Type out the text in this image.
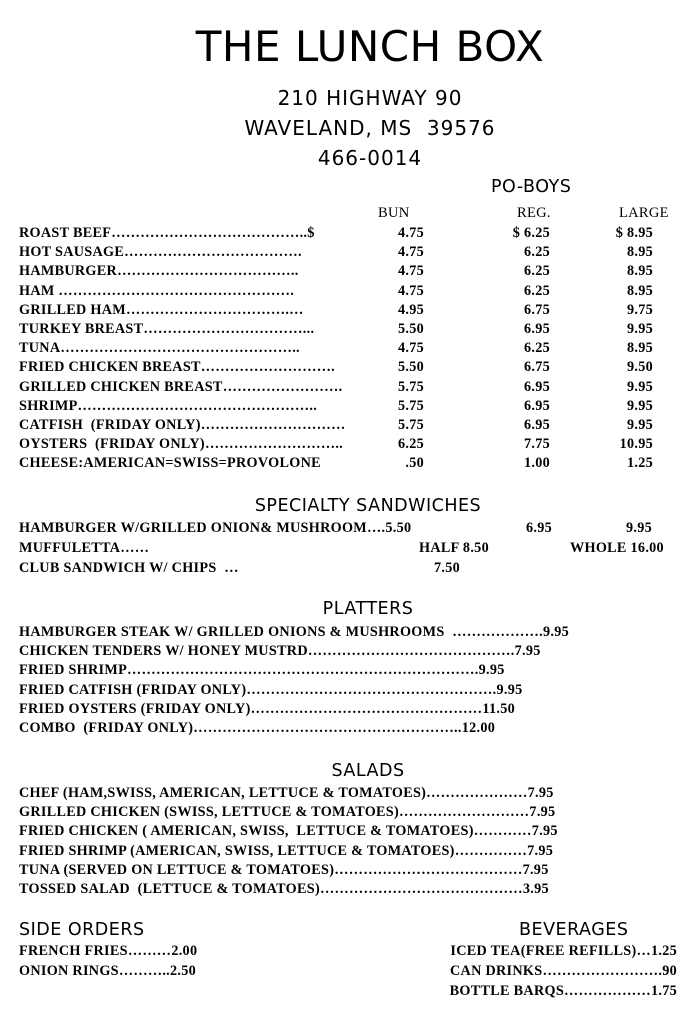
THE LUNCH BOX
210 HIGHWAY 90
WAVELAND, MS  39576
466-0014
PO-BOYS
BUN	REG.	LARGE
ROAST BEEF…………………………………..$	4.75	$ 6.25	$ 8.95
HOT SAUSAGE……………………………….	4.75	6.25	8.95
HAMBURGER………………………………..	4.75	6.25	8.95
HAM ………………………………………….	4.75	6.25	8.95
GRILLED HAM…………………………….…	4.95	6.75	9.75
TURKEY BREAST……………………………...	5.50	6.95	9.95
TUNA…………………………………………..	4.75	6.25	8.95
FRIED CHICKEN BREAST……………………….	5.50	6.75	9.50
GRILLED CHICKEN BREAST…………………….	5.75	6.95	9.95
SHRIMP…………………………………………..	5.75	6.95	9.95
CATFISH  (FRIDAY ONLY)…………………………	5.75	6.95	9.95
OYSTERS  (FRIDAY ONLY)………………………..	6.25	7.75	10.95
CHEESE:AMERICAN=SWISS=PROVOLONE	.50	1.00	1.25
SPECIALTY SANDWICHES
HAMBURGER W/GRILLED ONION& MUSHROOM….5.50	6.95	9.95
MUFFULETTA……	HALF 8.50	WHOLE 16.00
CLUB SANDWICH W/ CHIPS  …	7.50
PLATTERS
HAMBURGER STEAK W/ GRILLED ONIONS & MUSHROOMS  ……………….9.95
CHICKEN TENDERS W/ HONEY MUSTRD…………………………………….7.95
FRIED SHRIMP……………………………………………………………….9.95
FRIED CATFISH (FRIDAY ONLY)…………………………………………….9.95
FRIED OYSTERS (FRIDAY ONLY)…………………………………………11.50
COMBO  (FRIDAY ONLY)………………………………………………..12.00
SALADS
CHEF (HAM,SWISS, AMERICAN, LETTUCE & TOMATOES)…………………7.95
GRILLED CHICKEN (SWISS, LETTUCE & TOMATOES)………………………7.95
FRIED CHICKEN ( AMERICAN, SWISS,  LETTUCE & TOMATOES)…………7.95
FRIED SHRIMP (AMERICAN, SWISS, LETTUCE & TOMATOES)……………7.95
TUNA (SERVED ON LETTUCE & TOMATOES)…………………………………7.95
TOSSED SALAD  (LETTUCE & TOMATOES)……………………………………3.95
SIDE ORDERS
FRENCH FRIES………2.00
ONION RINGS………..2.50
BEVERAGES
ICED TEA(FREE REFILLS)…1.25
CAN DRINKS…………………….90
BOTTLE BARQS………………1.75
